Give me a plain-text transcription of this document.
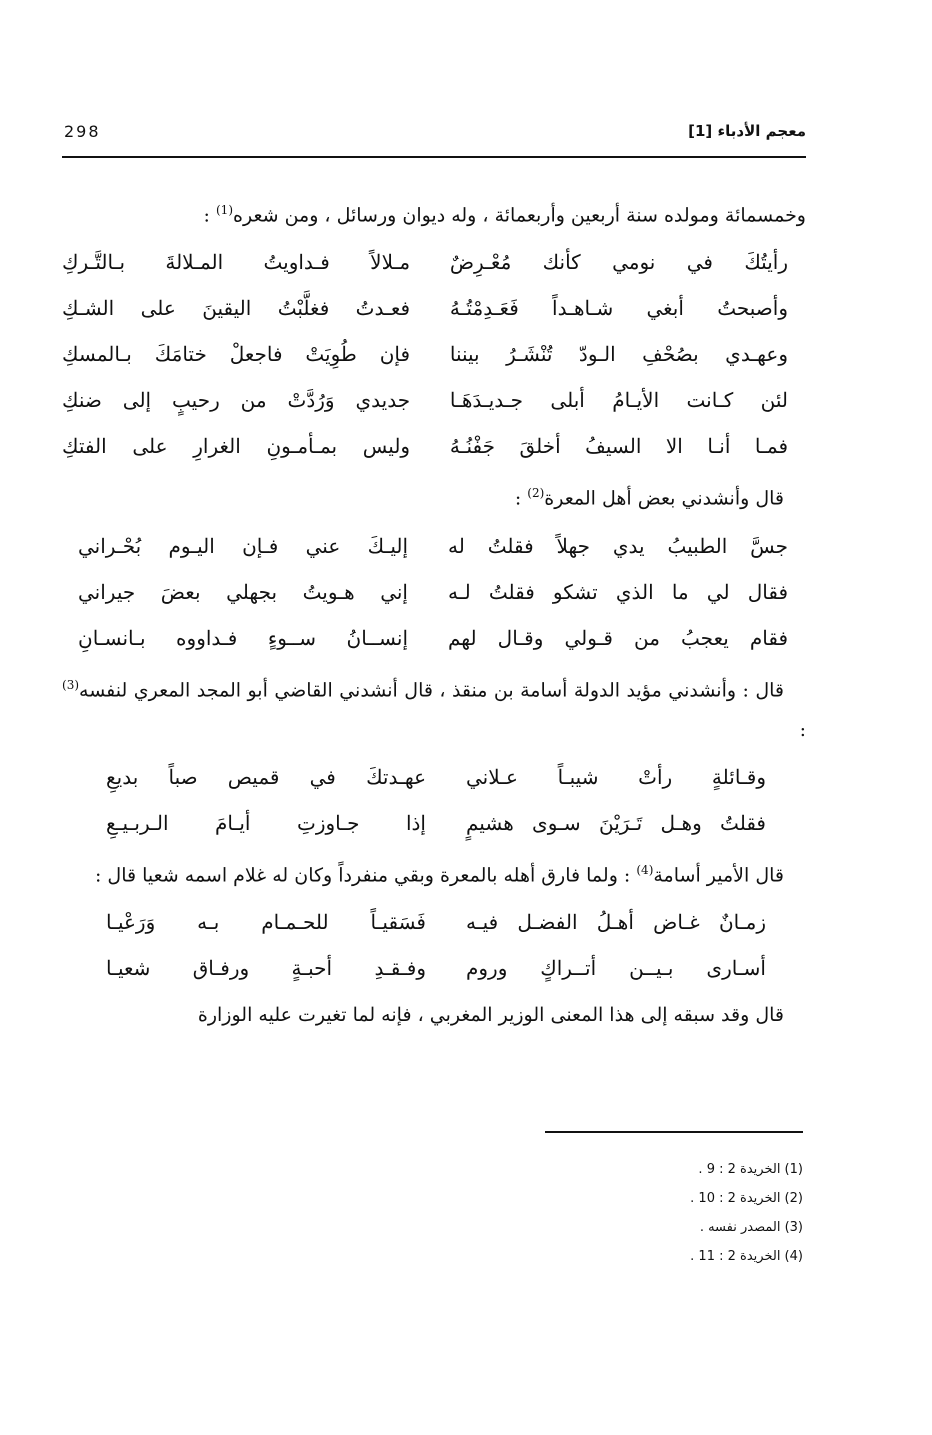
معجم الأدباء [1]
298

وخمسمائة ومولده سنة أربعين وأربعمائة ، وله ديوان ورسائل ، ومن شعره$^{(1)}$ :

رأيتُكَ في نومي كأنك مُعْـرِضٌ
مـلالاً فـداويتُ المـلالةَ بـالتَّـركِ
وأصبحتُ أبغي شـاهـداً فَعَـدِمْتُـهُ
فعـدتُ فغلَّبْتُ اليقينَ على الشـكِ
وعهـدي بصُحْفِ الـودّ تُنْشَـرُ بيننا
فإن طُوِيَتْ فاجعلْ ختامَكَ بـالمسكِ
لئن كـانت الأيـامُ أبلى جـديـدَهَـا
جديدي وَرُدَّتْ من رحيبٍ إلى ضنكِ
فمـا أنـا الا السيفُ أخلقَ جَفْنُـهُ
وليس بمـأمـونِ الغرارِ على الفتكِ

قال وأنشدني بعض أهل المعرة$^{(2)}$ :

جسَّ الطبيبُ يدي جهلاً فقلتُ له
إليـكَ عني فـإن اليـوم بُحْـراني
فقال لي ما الذي تشكو فقلتُ لـه
إني هـويتُ بجهلي بعضَ جيراني
فقام يعجبُ من قـولي وقـال لهم
إنســانُ ســوءٍ فـداووه بـانسـانِ

قال : وأنشدني مؤيد الدولة أسامة بن منقذ ، قال أنشدني القاضي أبو المجد المعري لنفسه$^{(3)}$ :

وقـائلةٍ رأتْ شيبـاً عـلاني
عهـدتكَ في قميص صباً بديعِ
فقلتُ وهـل تَـرَيْنَ سـوى هشيمٍ
إذا جـاوزتِ أيـامَ الـربـيـعِ

قال الأمير أسامة$^{(4)}$ : ولما فارق أهله بالمعرة وبقي منفرداً وكان له غلام اسمه شعيا قال :

زمـانٌ غـاض أهـلُ الفضـل فيـه
فَسَقيـاً للحـمـام بـه وَرَعْيـا
أسـارى بـيــن أتــراكٍ وروم
وفـقـدِ أحبـةٍ ورفـاق شعيـا

قال وقد سبقه إلى هذا المعنى الوزير المغربي ، فإنه لما تغيرت عليه الوزارة

(1) الخريدة 2 : 9 .
(2) الخريدة 2 : 10 .
(3) المصدر نفسه .
(4) الخريدة 2 : 11 .
